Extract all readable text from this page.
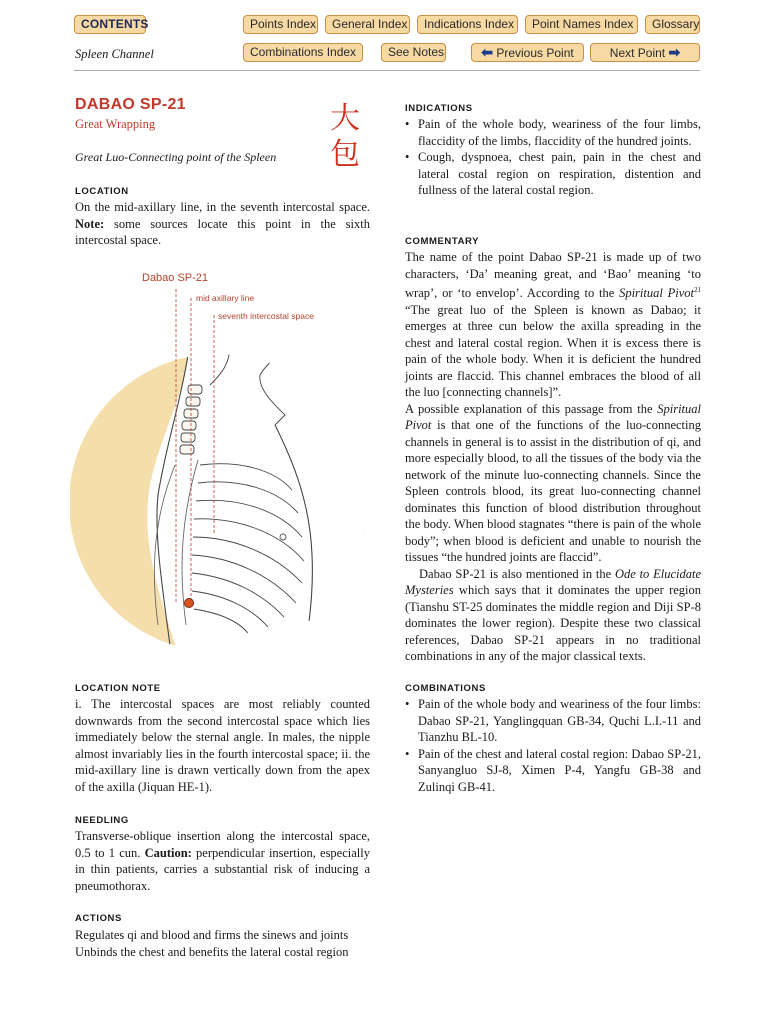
CONTENTS	Points Index	General Index	Indications Index	Point Names Index	Glossary
Spleen Channel	Combinations Index	See Notes	⬅ Previous Point	Next Point ➡
DABAO SP-21
Great Wrapping	大
包
Great Luo-Connecting point of the Spleen
LOCATION
On the mid-axillary line, in the seventh intercostal space. Note: some sources locate this point in the sixth intercostal space.
Dabao SP-21
mid axillary line
seventh intercostal space
LOCATION NOTE
i. The intercostal spaces are most reliably counted downwards from the second intercostal space which lies immediately below the sternal angle. In males, the nipple almost invariably lies in the fourth intercostal space; ii. the mid-axillary line is drawn vertically down from the apex of the axilla (Jiquan HE-1).
NEEDLING
Transverse-oblique insertion along the intercostal space, 0.5 to 1 cun. Caution: perpendicular insertion, especially in thin patients, carries a substantial risk of inducing a pneumothorax.
ACTIONS
Regulates qi and blood and firms the sinews and joints
Unbinds the chest and benefits the lateral costal region
INDICATIONS
• Pain of the whole body, weariness of the four limbs, flaccidity of the limbs, flaccidity of the hundred joints.
• Cough, dyspnoea, chest pain, pain in the chest and lateral costal region on respiration, distention and fullness of the lateral costal region.
COMMENTARY
The name of the point Dabao SP-21 is made up of two characters, ‘Da’ meaning great, and ‘Bao’ meaning ‘to wrap’, or ‘to envelop’. According to the Spiritual Pivot$^{21}$ “The great luo of the Spleen is known as Dabao; it emerges at three cun below the axilla spreading in the chest and lateral costal region. When it is excess there is pain of the whole body. When it is deficient the hundred joints are flaccid. This channel embraces the blood of all the luo [connecting channels]”.
A possible explanation of this passage from the Spiritual Pivot is that one of the functions of the luo-connecting channels in general is to assist in the distribution of qi, and more especially blood, to all the tissues of the body via the network of the minute luo-connecting channels. Since the Spleen controls blood, its great luo-connecting channel dominates this function of blood distribution throughout the body. When blood stagnates “there is pain of the whole body”; when blood is deficient and unable to nourish the tissues “the hundred joints are flaccid”.
Dabao SP-21 is also mentioned in the Ode to Elucidate Mysteries which says that it dominates the upper region (Tianshu ST-25 dominates the middle region and Diji SP-8 dominates the lower region). Despite these two classical references, Dabao SP-21 appears in no traditional combinations in any of the major classical texts.
COMBINATIONS
• Pain of the whole body and weariness of the four limbs: Dabao SP-21, Yanglingquan GB-34, Quchi L.I.-11 and Tianzhu BL-10.
• Pain of the chest and lateral costal region: Dabao SP-21, Sanyangluo SJ-8, Ximen P-4, Yangfu GB-38 and Zulinqi GB-41.
